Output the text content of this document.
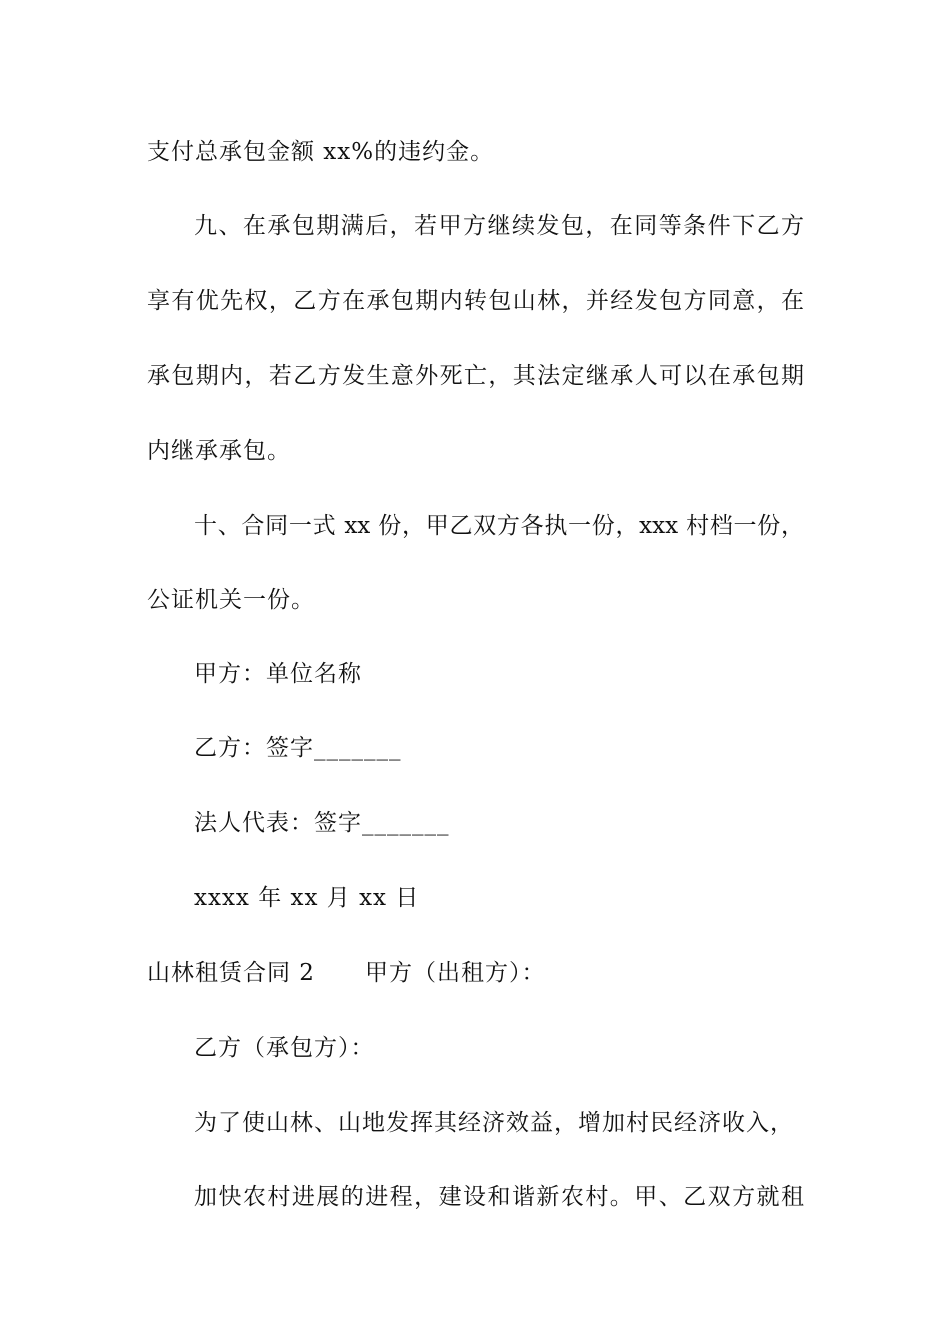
支付总承包金额 xx%的违约金。
九、在承包期满后，若甲方继续发包，在同等条件下乙方
享有优先权，乙方在承包期内转包山林，并经发包方同意，在
承包期内，若乙方发生意外死亡，其法定继承人可以在承包期
内继承承包。
十、合同一式 xx 份，甲乙双方各执一份，xxx 村档一份，
公证机关一份。
甲方：单位名称
乙方：签字_______
法人代表：签字_______
xxxx 年 xx 月 xx 日
山林租赁合同 2 甲方（出租方）：
乙方（承包方）：
为了使山林、山地发挥其经济效益，增加村民经济收入，
加快农村进展的进程，建设和谐新农村。甲、乙双方就租
